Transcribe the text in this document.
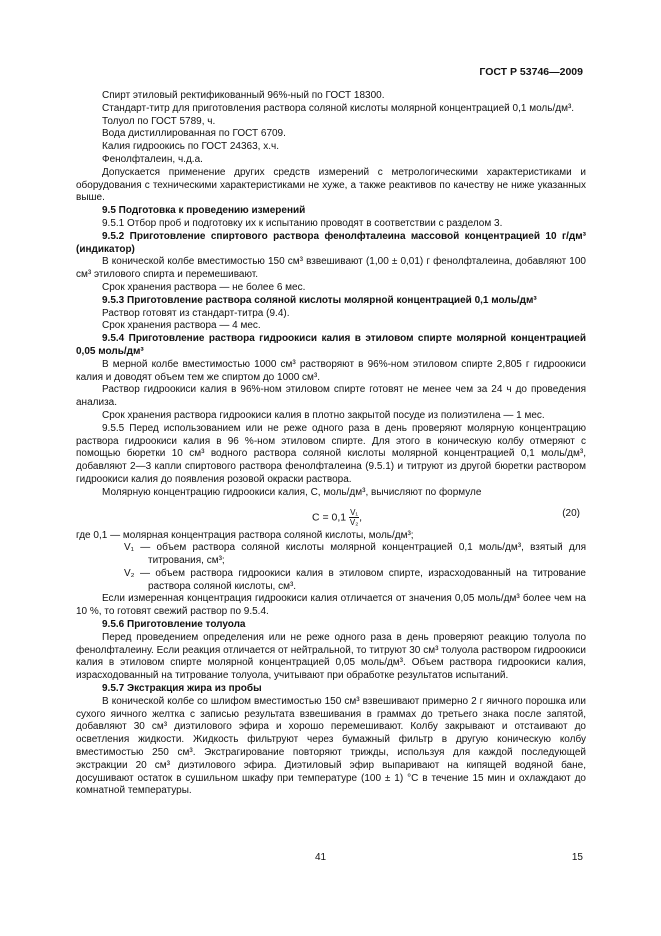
ГОСТ Р 53746—2009

Спирт этиловый ректификованный 96%-ный по ГОСТ 18300.

Стандарт-титр для приготовления раствора соляной кислоты молярной концентрацией 0,1 моль/дм³.

Толуол по ГОСТ 5789, ч.

Вода дистиллированная по ГОСТ 6709.

Калия гидроокись по ГОСТ 24363, х.ч.

Фенолфталеин, ч.д.а.

Допускается применение других средств измерений с метрологическими характеристиками и оборудования с техническими характеристиками не хуже, а также реактивов по качеству не ниже указанных выше.

9.5 Подготовка к проведению измерений

9.5.1 Отбор проб и подготовку их к испытанию проводят в соответствии с разделом 3.

9.5.2 Приготовление спиртового раствора фенолфталеина массовой концентрацией 10 г/дм³ (индикатор)

В конической колбе вместимостью 150 см³ взвешивают (1,00 ± 0,01) г фенолфталеина, добавляют 100 см³ этилового спирта и перемешивают.

Срок хранения раствора — не более 6 мес.

9.5.3 Приготовление раствора соляной кислоты молярной концентрацией 0,1 моль/дм³

Раствор готовят из стандарт-титра (9.4).

Срок хранения раствора — 4 мес.

9.5.4 Приготовление раствора гидроокиси калия в этиловом спирте молярной концентрацией 0,05 моль/дм³

В мерной колбе вместимостью 1000 см³ растворяют в 96%-ном этиловом спирте 2,805 г гидроокиси калия и доводят объем тем же спиртом до 1000 см³.

Раствор гидроокиси калия в 96%-ном этиловом спирте готовят не менее чем за 24 ч до проведения анализа.

Срок хранения раствора гидроокиси калия в плотно закрытой посуде из полиэтилена — 1 мес.

9.5.5 Перед использованием или не реже одного раза в день проверяют молярную концентрацию раствора гидроокиси калия в 96 %-ном этиловом спирте. Для этого в коническую колбу отмеряют с помощью бюретки 10 см³ водного раствора соляной кислоты молярной концентрацией 0,1 моль/дм³, добавляют 2—3 капли спиртового раствора фенолфталеина (9.5.1) и титруют из другой бюретки раствором гидроокиси калия до появления розовой окраски раствора.

Молярную концентрацию гидроокиси калия, C, моль/дм³, вычисляют по формуле

$C = 0,1 \frac{\text{V₁}}{\text{V₂}}$ ,	(20)

где 0,1 — молярная концентрация раствора соляной кислоты, моль/дм³;

V₁ — объем раствора соляной кислоты молярной концентрацией 0,1 моль/дм³, взятый для титрования, см³;

V₂ — объем раствора гидроокиси калия в этиловом спирте, израсходованный на титрование раствора соляной кислоты, см³.

Если измеренная концентрация гидроокиси калия отличается от значения 0,05 моль/дм³ более чем на 10 %, то готовят свежий раствор по 9.5.4.

9.5.6 Приготовление толуола

Перед проведением определения или не реже одного раза в день проверяют реакцию толуола по фенолфталеину. Если реакция отличается от нейтральной, то титруют 30 см³ толуола раствором гидроокиси калия в этиловом спирте молярной концентрацией 0,05 моль/дм³. Объем раствора гидроокиси калия, израсходованный на титрование толуола, учитывают при обработке результатов испытаний.

9.5.7 Экстракция жира из пробы

В конической колбе со шлифом вместимостью 150 см³ взвешивают примерно 2 г яичного порошка или сухого яичного желтка с записью результата взвешивания в граммах до третьего знака после запятой, добавляют 30 см³ диэтилового эфира и хорошо перемешивают. Колбу закрывают и отстаивают до осветления жидкости. Жидкость фильтруют через бумажный фильтр в другую коническую колбу вместимостью 250 см³. Экстрагирование повторяют трижды, используя для каждой последующей экстракции 20 см³ диэтилового эфира. Диэтиловый эфир выпаривают на кипящей водяной бане, досушивают остаток в сушильном шкафу при температуре (100 ± 1) °С в течение 15 мин и охлаждают до комнатной температуры.

41	15
